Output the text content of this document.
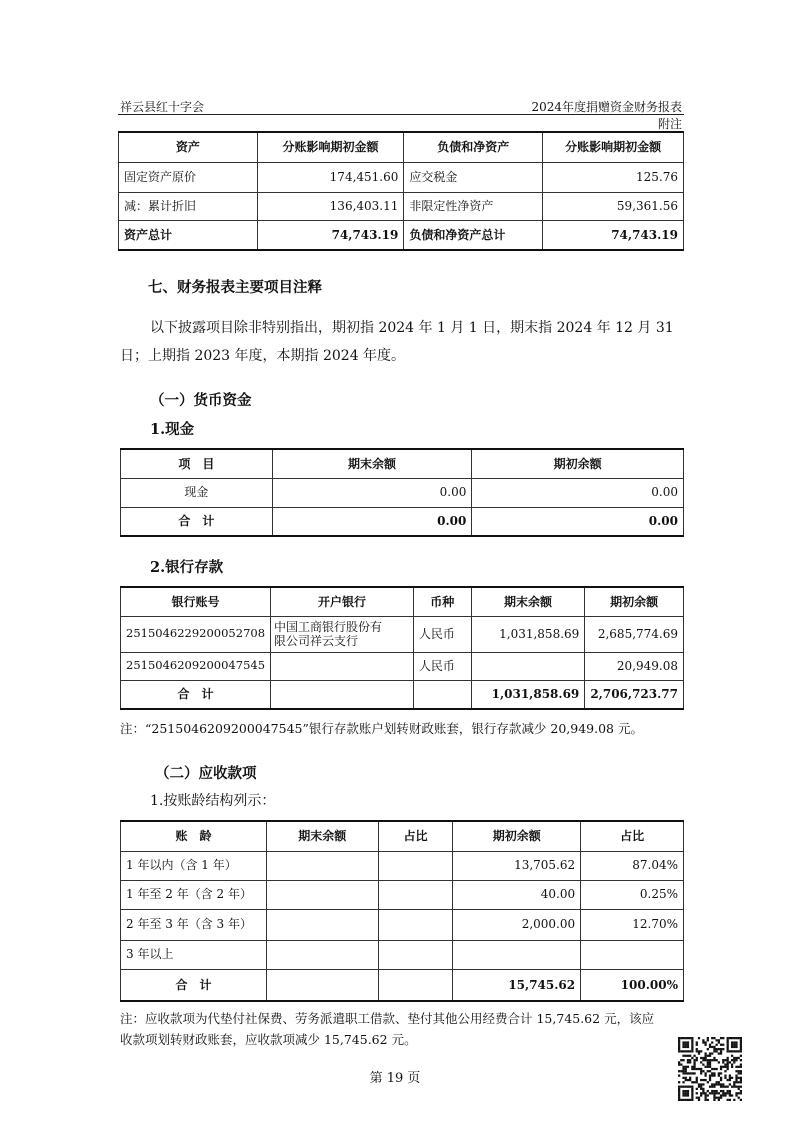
祥云县红十字会	2024年度捐赠资金财务报表附注
资产	分账影响期初金额	负债和净资产	分账影响期初金额
固定资产原价	174,451.60	应交税金	125.76
减：累计折旧	136,403.11	非限定性净资产	59,361.56
资产总计	74,743.19	负债和净资产总计	74,743.19
七、财务报表主要项目注释
以下披露项目除非特别指出，期初指 2024 年 1 月 1 日，期末指 2024 年 12 月 31
日；上期指 2023 年度，本期指 2024 年度。
（一）货币资金
1.现金
项　目	期末余额	期初余额
现金	0.00	0.00
合　计	0.00	0.00
2.银行存款
银行账号	开户银行	币种	期末余额	期初余额
2515046229200052708	中国工商银行股份有
限公司祥云支行	人民币	1,031,858.69	2,685,774.69
2515046209200047545		人民币		20,949.08
合　计			1,031,858.69	2,706,723.77
注：“2515046209200047545”银行存款账户划转财政账套，银行存款减少 20,949.08 元。
（二）应收款项
1.按账龄结构列示：
账　龄	期末余额	占比	期初余额	占比
1 年以内（含 1 年）			13,705.62	87.04%
1 年至 2 年（含 2 年）			40.00	0.25%
2 年至 3 年（含 3 年）			2,000.00	12.70%
3 年以上				
合　计			15,745.62	100.00%
注：应收款项为代垫付社保费、劳务派遣职工借款、垫付其他公用经费合计 15,745.62 元，该应
收款项划转财政账套，应收款项减少 15,745.62 元。
第 19 页
